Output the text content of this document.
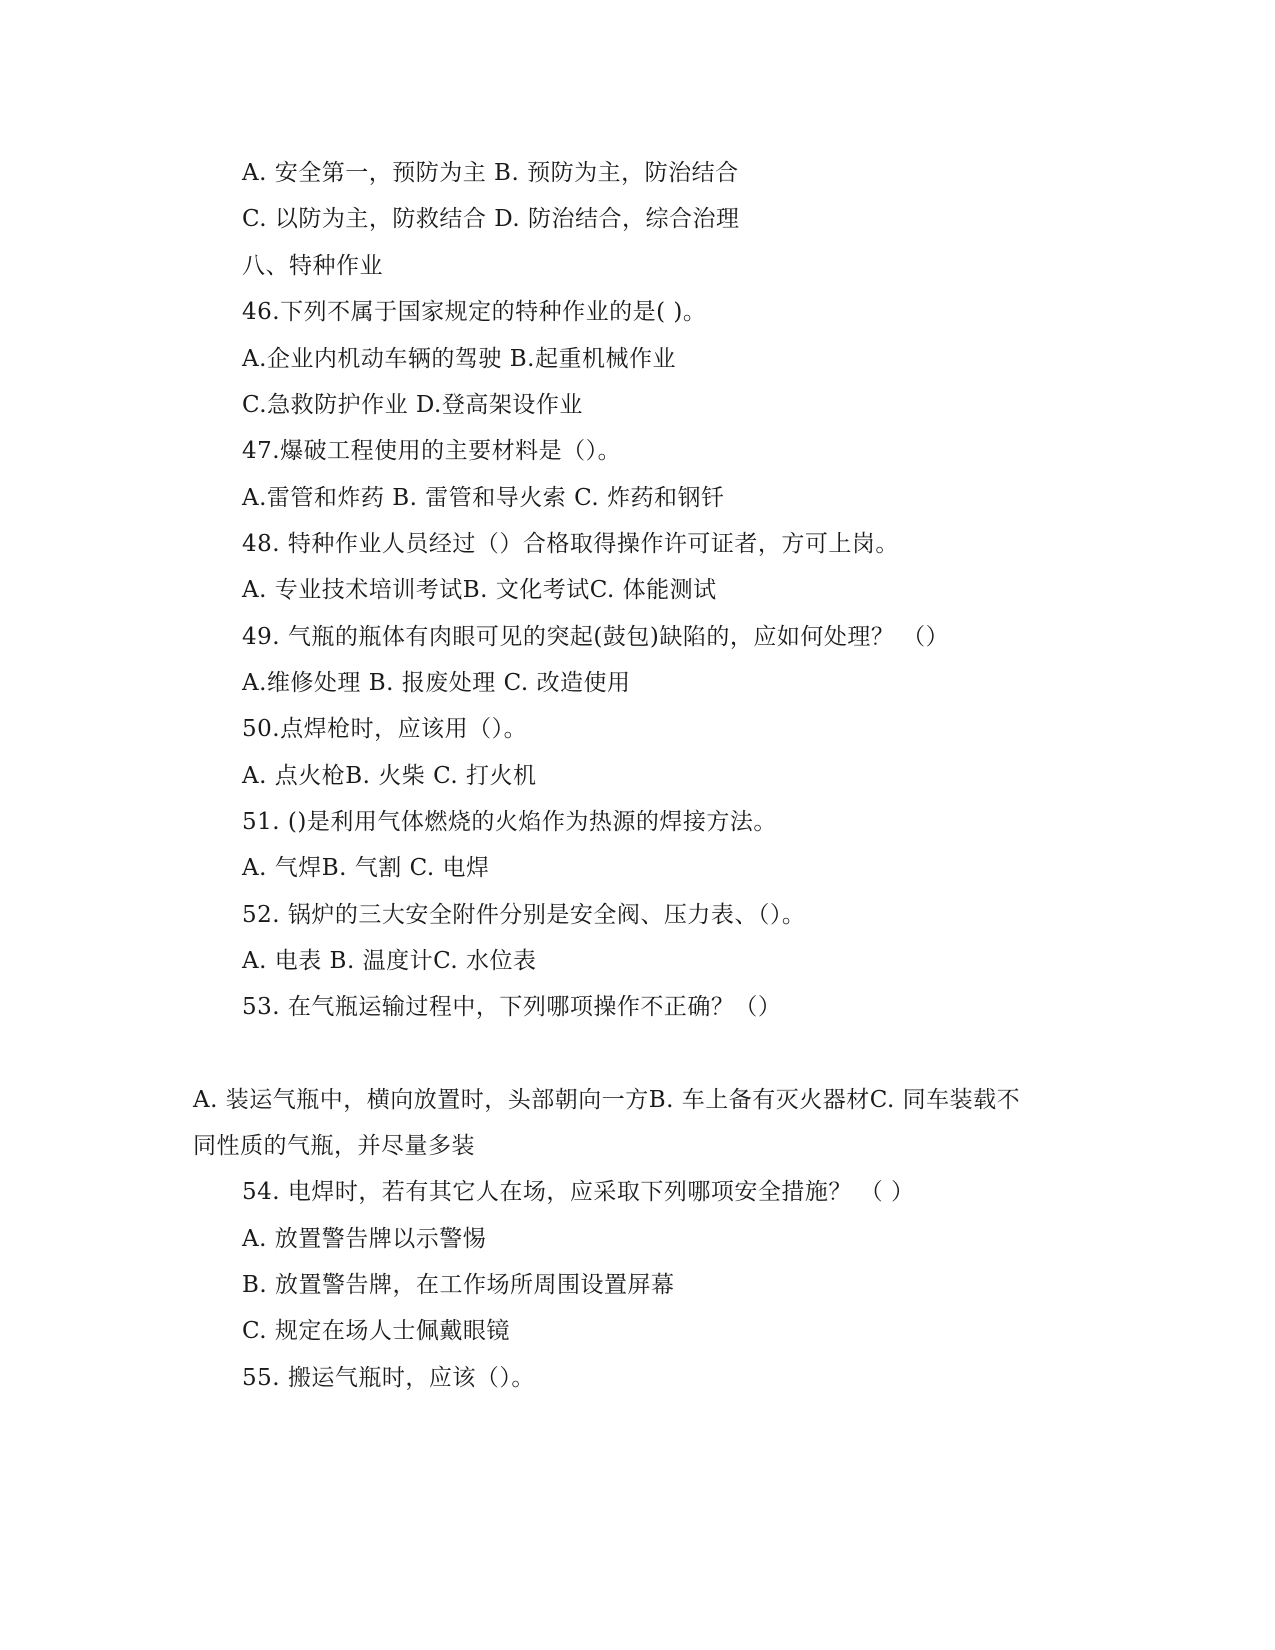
A. 安全第一，预防为主 B. 预防为主，防治结合
C. 以防为主，防救结合 D. 防治结合，综合治理
八、特种作业
46.下列不属于国家规定的特种作业的是( )。
A.企业内机动车辆的驾驶 B.起重机械作业
C.急救防护作业 D.登高架设作业
47.爆破工程使用的主要材料是（）。
A.雷管和炸药 B. 雷管和导火索 C. 炸药和钢钎
48. 特种作业人员经过（）合格取得操作许可证者，方可上岗。
A. 专业技术培训考试B. 文化考试C. 体能测试
49. 气瓶的瓶体有肉眼可见的突起(鼓包)缺陷的，应如何处理？ （）
A.维修处理 B. 报废处理 C. 改造使用
50.点焊枪时，应该用（）。
A. 点火枪B. 火柴 C. 打火机
51. ()是利用气体燃烧的火焰作为热源的焊接方法。
A. 气焊B. 气割 C. 电焊
52. 锅炉的三大安全附件分别是安全阀、压力表、（）。
A. 电表 B. 温度计C. 水位表
53. 在气瓶运输过程中，下列哪项操作不正确？（）
A. 装运气瓶中，横向放置时，头部朝向一方B. 车上备有灭火器材C. 同车装载不
同性质的气瓶，并尽量多装
54. 电焊时，若有其它人在场，应采取下列哪项安全措施？ （ ）
A. 放置警告牌以示警惕
B. 放置警告牌，在工作场所周围设置屏幕
C. 规定在场人士佩戴眼镜
55. 搬运气瓶时，应该（）。
